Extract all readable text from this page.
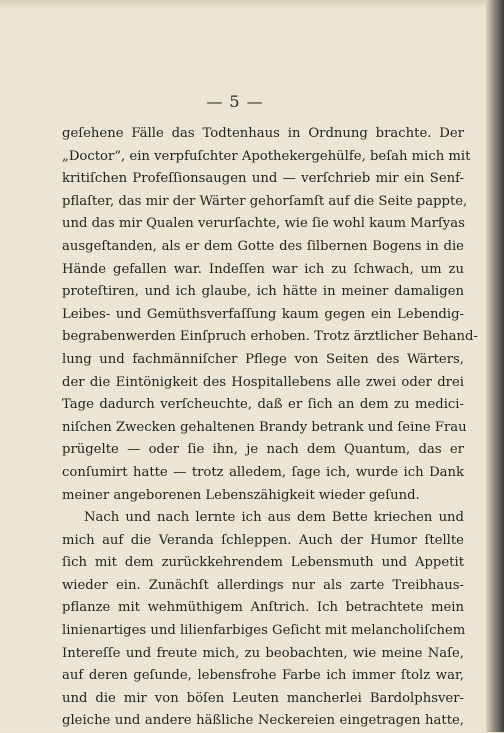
— 5 —
geſehene Fälle das Todtenhaus in Ordnung brachte. Der
„Doctor“, ein verpfuſchter Apothekergehülfe, beſah mich mit
kritiſchen Profeſſionsaugen und — verſchrieb mir ein Senf-
pflaſter, das mir der Wärter gehorſamſt auf die Seite pappte,
und das mir Qualen verurſachte, wie ſie wohl kaum Marſyas
ausgeſtanden, als er dem Gotte des ſilbernen Bogens in die
Hände gefallen war. Indeſſen war ich zu ſchwach, um zu
proteſtiren, und ich glaube, ich hätte in meiner damaligen
Leibes- und Gemüthsverfaſſung kaum gegen ein Lebendig-
begrabenwerden Einſpruch erhoben. Trotz ärztlicher Behand-
lung und fachmänniſcher Pflege von Seiten des Wärters,
der die Eintönigkeit des Hospitallebens alle zwei oder drei
Tage dadurch verſcheuchte, daß er ſich an dem zu medici-
niſchen Zwecken gehaltenen Brandy betrank und ſeine Frau
prügelte — oder ſie ihn, je nach dem Quantum, das er
conſumirt hatte — trotz alledem, ſage ich, wurde ich Dank
meiner angeborenen Lebenszähigkeit wieder geſund.
Nach und nach lernte ich aus dem Bette kriechen und
mich auf die Veranda ſchleppen. Auch der Humor ſtellte
ſich mit dem zurückkehrendem Lebensmuth und Appetit
wieder ein. Zunächſt allerdings nur als zarte Treibhaus-
pflanze mit wehmüthigem Anſtrich. Ich betrachtete mein
linienartiges und lilienfarbiges Geſicht mit melancholiſchem
Intereſſe und freute mich, zu beobachten, wie meine Naſe,
auf deren geſunde, lebensfrohe Farbe ich immer ſtolz war,
und die mir von böſen Leuten mancherlei Bardolphsver-
gleiche und andere häßliche Neckereien eingetragen hatte,
